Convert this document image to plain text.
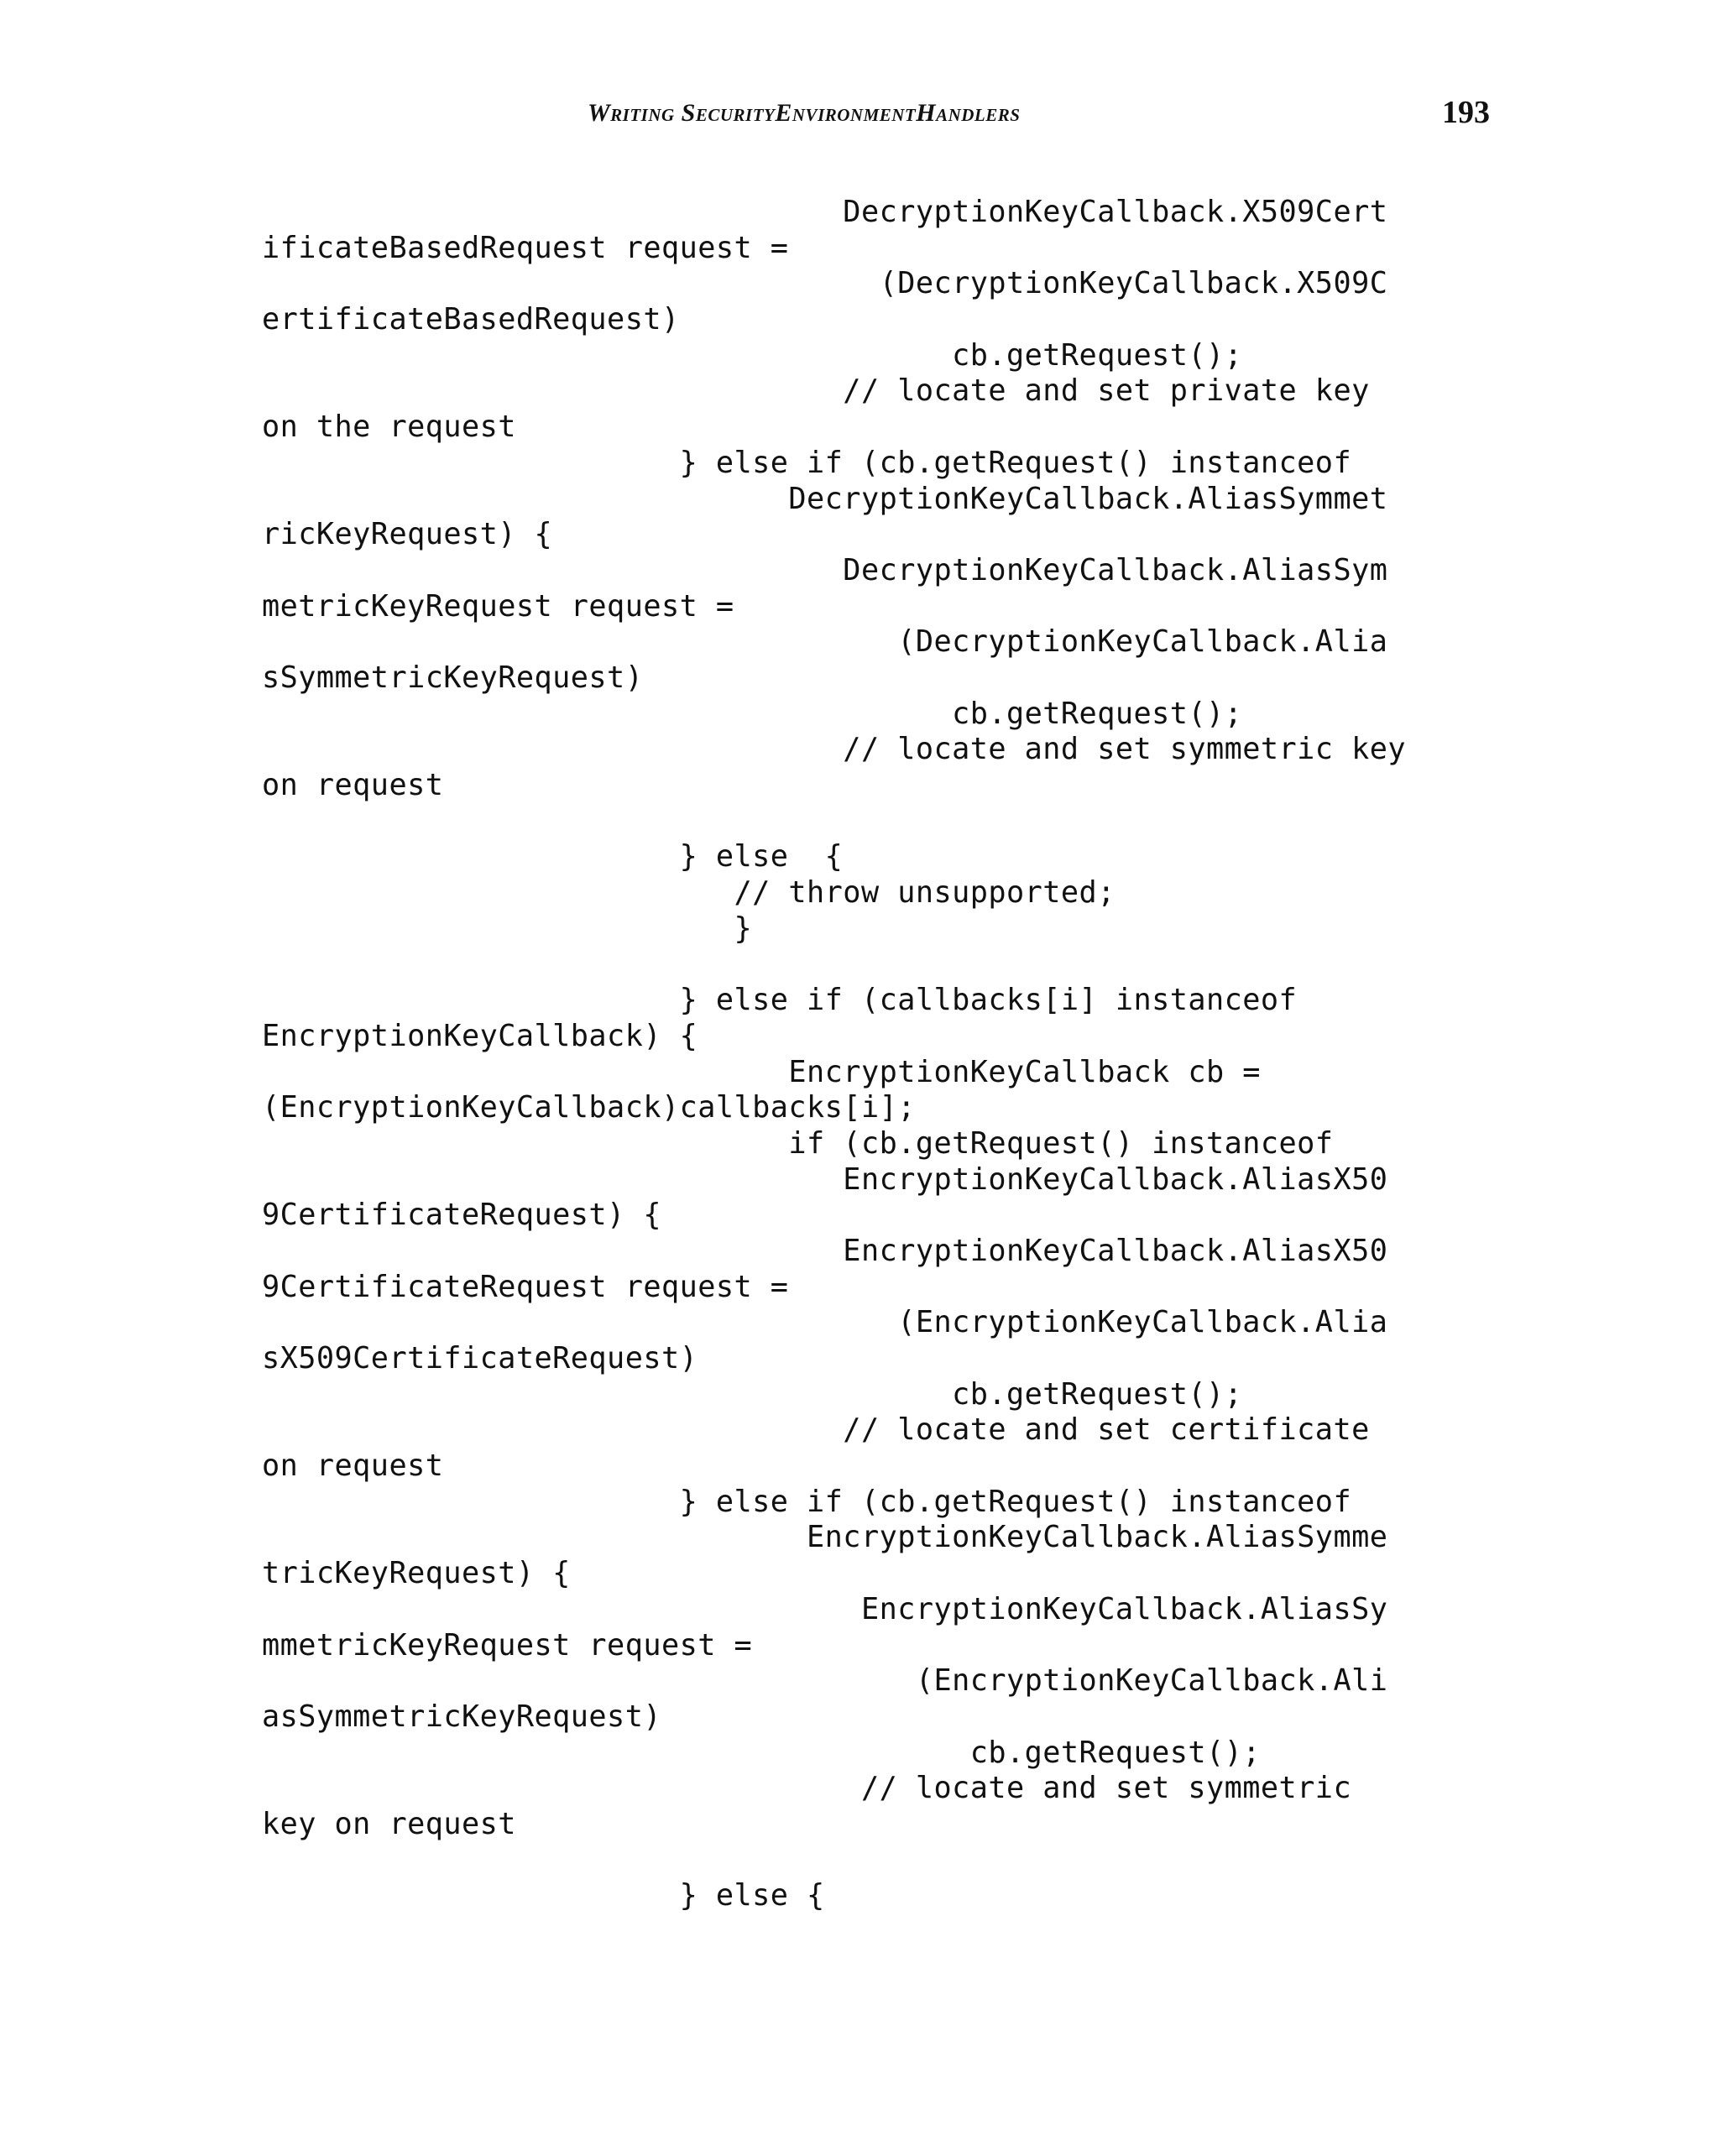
Writing SecurityEnvironmentHandlers	193
DecryptionKeyCallback.X509Cert
ificateBasedRequest request =
(DecryptionKeyCallback.X509C
ertificateBasedRequest)
cb.getRequest();
// locate and set private key
on the request
} else if (cb.getRequest() instanceof
DecryptionKeyCallback.AliasSymmet
ricKeyRequest) {
DecryptionKeyCallback.AliasSym
metricKeyRequest request =
(DecryptionKeyCallback.Alia
sSymmetricKeyRequest)
cb.getRequest();
// locate and set symmetric key
on request

} else  {
// throw unsupported;
}

} else if (callbacks[i] instanceof
EncryptionKeyCallback) {
EncryptionKeyCallback cb =
(EncryptionKeyCallback)callbacks[i];
if (cb.getRequest() instanceof
EncryptionKeyCallback.AliasX50
9CertificateRequest) {
EncryptionKeyCallback.AliasX50
9CertificateRequest request =
(EncryptionKeyCallback.Alia
sX509CertificateRequest)
cb.getRequest();
// locate and set certificate
on request
} else if (cb.getRequest() instanceof
EncryptionKeyCallback.AliasSymme
tricKeyRequest) {
EncryptionKeyCallback.AliasSy
mmetricKeyRequest request =
(EncryptionKeyCallback.Ali
asSymmetricKeyRequest)
cb.getRequest();
// locate and set symmetric
key on request

} else {
